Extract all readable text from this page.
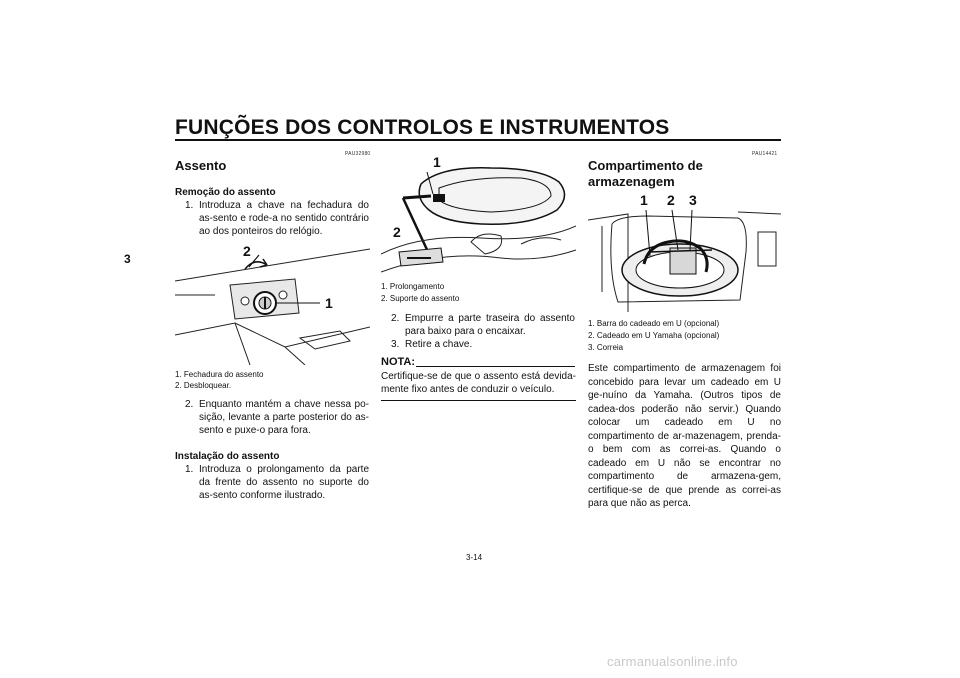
FUNÇÕES DOS CONTROLOS E INSTRUMENTOS
3
PAU32980
Assento
Remoção do assento
1. Introduza a chave na fechadura do as-sento e rode-a no sentido contrário ao dos ponteiros do relógio.
2
1
1. Fechadura do assento
2. Desbloquear.
2. Enquanto mantém a chave nessa po-sição, levante a parte posterior do as-sento e puxe-o para fora.
Instalação do assento
1. Introduza o prolongamento da parte da frente do assento no suporte do as-sento conforme ilustrado.
1
2
1. Prolongamento
2. Suporte do assento
2. Empurre a parte traseira do assento para baixo para o encaixar.
3. Retire a chave.
NOTA:
Certifique-se de que o assento está devida-mente fixo antes de conduzir o veículo.
PAU14421
Compartimento de
armazenagem
1 2 3
1. Barra do cadeado em U (opcional)
2. Cadeado em U Yamaha (opcional)
3. Correia
Este compartimento de armazenagem foi concebido para levar um cadeado em U ge-nuíno da Yamaha. (Outros tipos de cadea-dos poderão não servir.) Quando colocar um cadeado em U no compartimento de ar-mazenagem, prenda-o bem com as correi-as. Quando o cadeado em U não se encontrar no compartimento de armazena-gem, certifique-se de que prende as correi-as para que não as perca.
3-14
carmanualsonline.info
